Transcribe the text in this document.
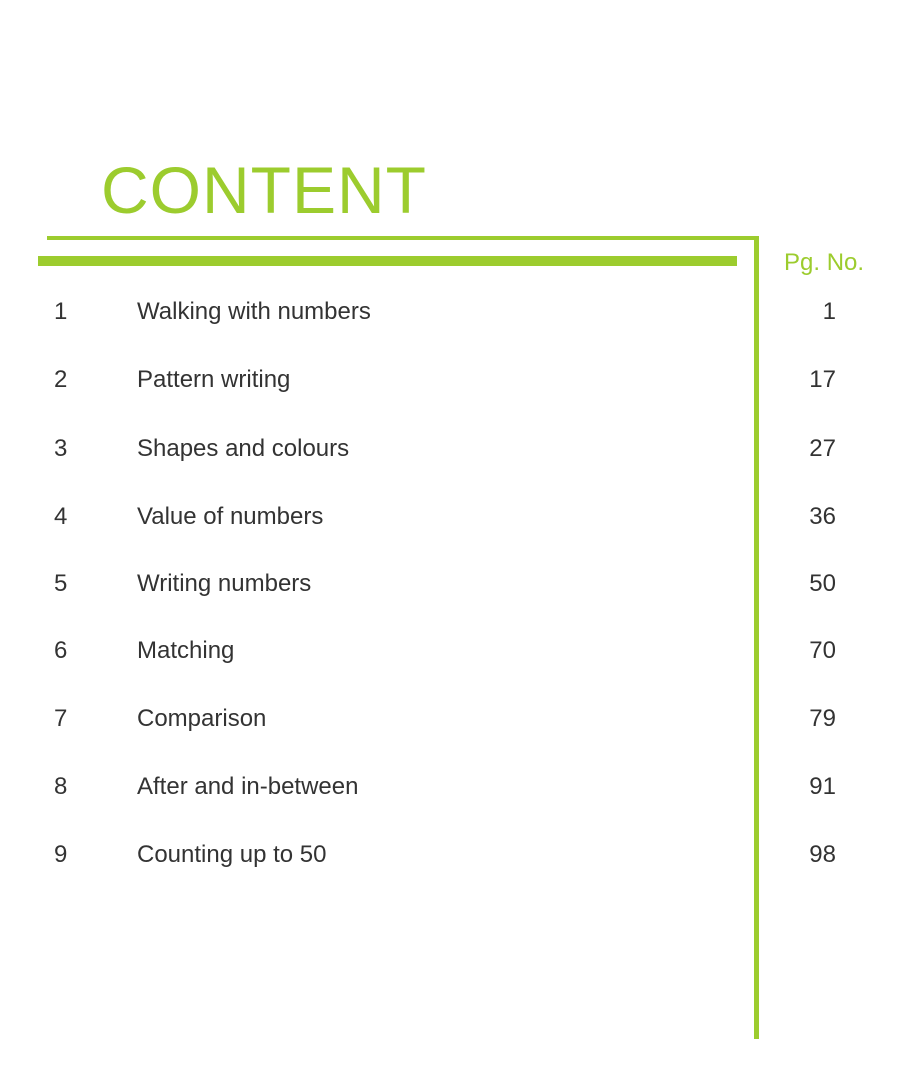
CONTENT
Pg. No.
1	Walking with numbers	1
2	Pattern writing	17
3	Shapes and colours	27
4	Value of numbers	36
5	Writing numbers	50
6	Matching	70
7	Comparison	79
8	After and in-between	91
9	Counting up to 50	98
